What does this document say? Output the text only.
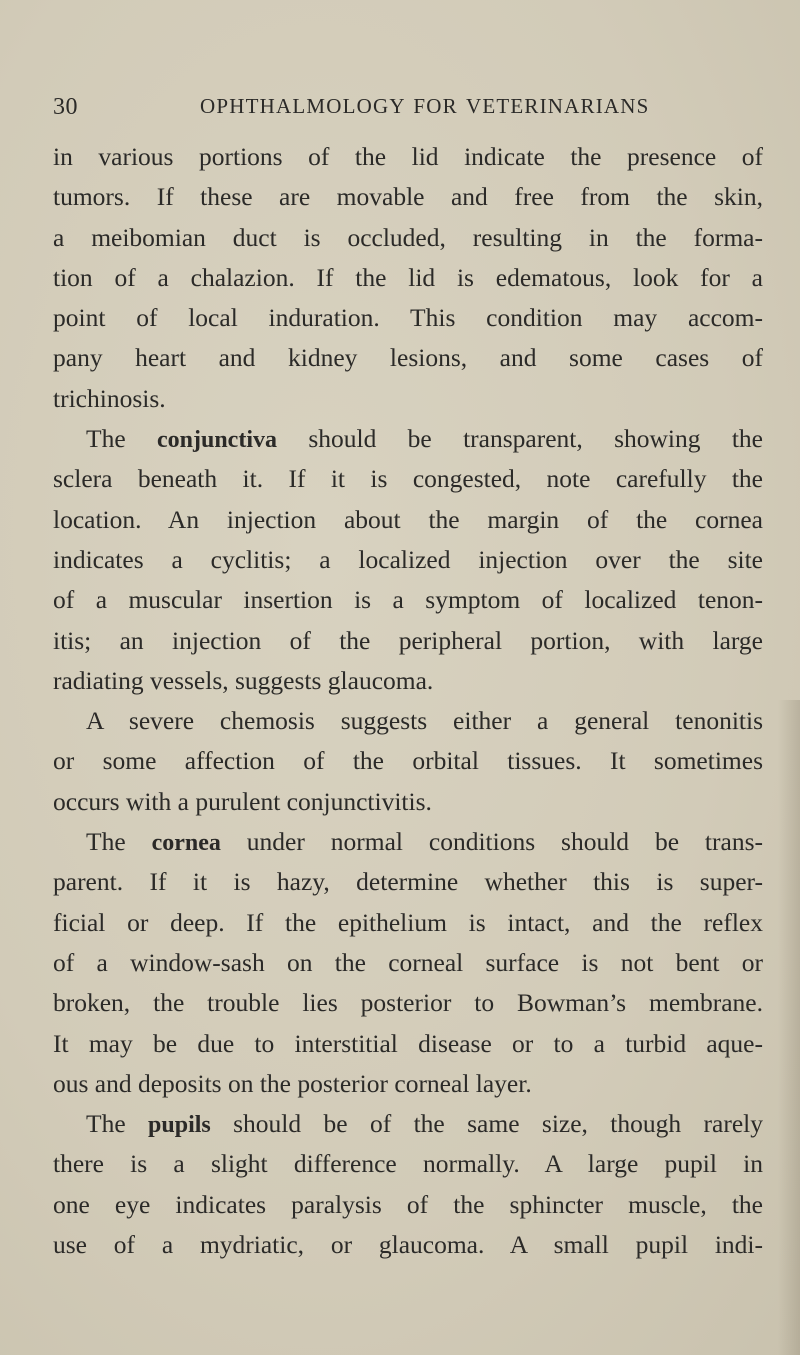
30	OPHTHALMOLOGY FOR VETERINARIANS
in various portions of the lid indicate the presence of
tumors. If these are movable and free from the skin,
a meibomian duct is occluded, resulting in the forma-
tion of a chalazion. If the lid is edematous, look for a
point of local induration. This condition may accom-
pany heart and kidney lesions, and some cases of
trichinosis.
The conjunctiva should be transparent, showing the
sclera beneath it. If it is congested, note carefully the
location. An injection about the margin of the cornea
indicates a cyclitis; a localized injection over the site
of a muscular insertion is a symptom of localized tenon-
itis; an injection of the peripheral portion, with large
radiating vessels, suggests glaucoma.
A severe chemosis suggests either a general tenonitis
or some affection of the orbital tissues. It sometimes
occurs with a purulent conjunctivitis.
The cornea under normal conditions should be trans-
parent. If it is hazy, determine whether this is super-
ficial or deep. If the epithelium is intact, and the reflex
of a window-sash on the corneal surface is not bent or
broken, the trouble lies posterior to Bowman’s membrane.
It may be due to interstitial disease or to a turbid aque-
ous and deposits on the posterior corneal layer.
The pupils should be of the same size, though rarely
there is a slight difference normally. A large pupil in
one eye indicates paralysis of the sphincter muscle, the
use of a mydriatic, or glaucoma. A small pupil indi-
